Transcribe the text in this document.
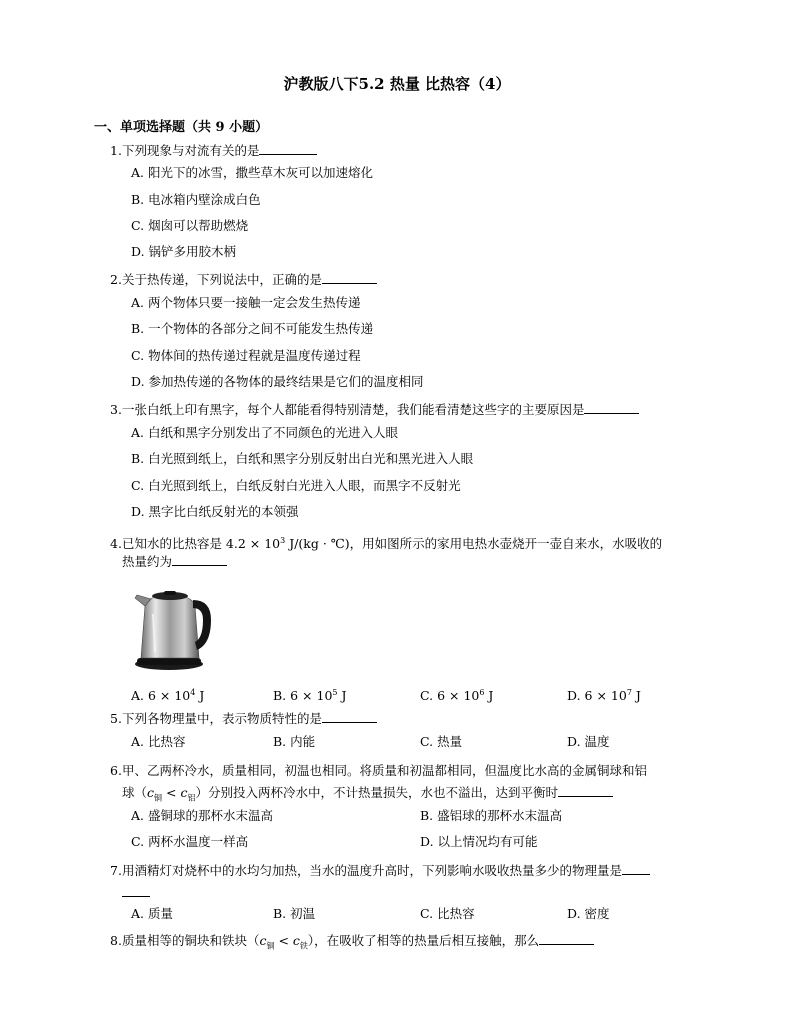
沪教版八下5.2 热量 比热容（4）
一、单项选择题（共 9 小题）
1.下列现象与对流有关的是
A. 阳光下的冰雪，撒些草木灰可以加速熔化
B. 电冰箱内壁涂成白色
C. 烟囱可以帮助燃烧
D. 锅铲多用胶木柄
2.关于热传递，下列说法中，正确的是
A. 两个物体只要一接触一定会发生热传递
B. 一个物体的各部分之间不可能发生热传递
C. 物体间的热传递过程就是温度传递过程
D. 参加热传递的各物体的最终结果是它们的温度相同
3.一张白纸上印有黑字，每个人都能看得特别清楚，我们能看清楚这些字的主要原因是
A. 白纸和黑字分别发出了不同颜色的光进入人眼
B. 白光照到纸上，白纸和黑字分别反射出白光和黑光进入人眼
C. 白光照到纸上，白纸反射白光进入人眼，而黑字不反射光
D. 黑字比白纸反射光的本领强
4.已知水的比热容是 $4.2 \times 10^3$ J/(kg · ℃)，用如图所示的家用电热水壶烧开一壶自来水，水吸收的
热量约为
A. $6 \times 10^4$ J	B. $6 \times 10^5$ J	C. $6 \times 10^6$ J	D. $6 \times 10^7$ J
5.下列各物理量中，表示物质特性的是
A. 比热容	B. 内能	C. 热量	D. 温度
6.甲、乙两杯冷水，质量相同，初温也相同。将质量和初温都相同，但温度比水高的金属铜球和铝
球$(c_铜 < c_铝)$分别投入两杯冷水中，不计热量损失，水也不溢出，达到平衡时
A. 盛铜球的那杯水末温高	B. 盛铝球的那杯水末温高
C. 两杯水温度一样高	D. 以上情况均有可能
7.用酒精灯对烧杯中的水均匀加热，当水的温度升高时，下列影响水吸收热量多少的物理量是
A. 质量	B. 初温	C. 比热容	D. 密度
8.质量相等的铜块和铁块$(c_铜 < c_铁)$，在吸收了相等的热量后相互接触，那么
